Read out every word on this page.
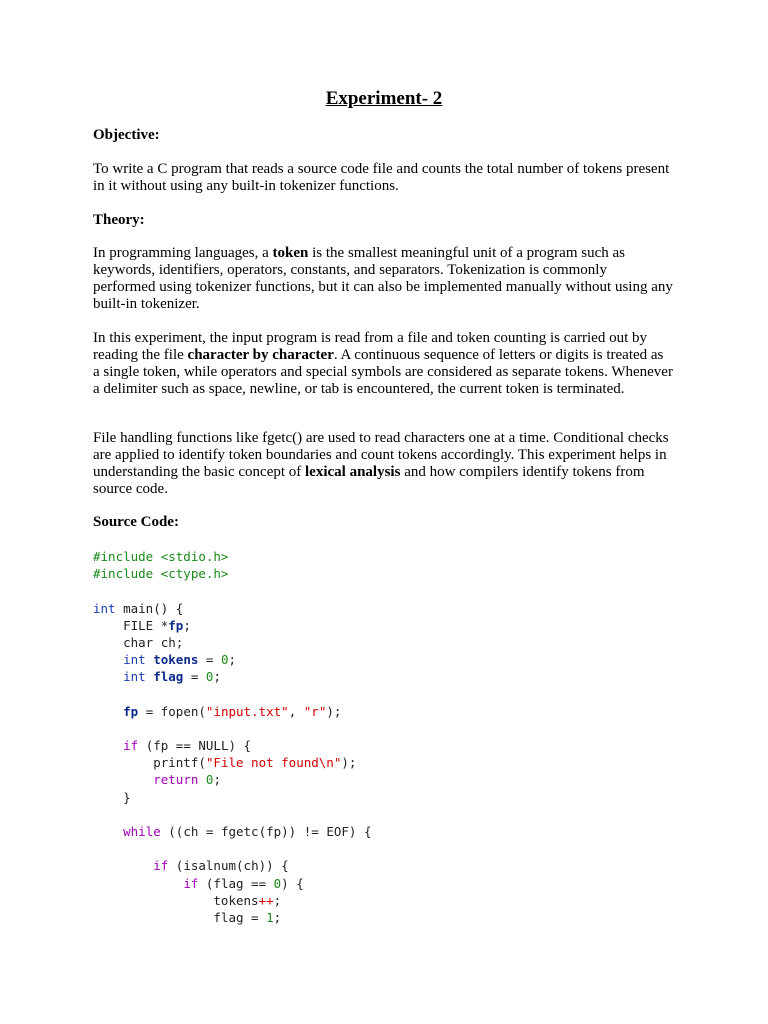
Experiment- 2
Objective:
To write a C program that reads a source code file and counts the total number of tokens present in it without using any built-in tokenizer functions.
Theory:
In programming languages, a token is the smallest meaningful unit of a program such as keywords, identifiers, operators, constants, and separators. Tokenization is commonly performed using tokenizer functions, but it can also be implemented manually without using any built-in tokenizer.
In this experiment, the input program is read from a file and token counting is carried out by reading the file character by character. A continuous sequence of letters or digits is treated as a single token, while operators and special symbols are considered as separate tokens. Whenever a delimiter such as space, newline, or tab is encountered, the current token is terminated.
File handling functions like fgetc() are used to read characters one at a time. Conditional checks are applied to identify token boundaries and count tokens accordingly. This experiment helps in understanding the basic concept of lexical analysis and how compilers identify tokens from source code.
Source Code:
#include <stdio.h>
#include <ctype.h>

int main() {
FILE *fp;
char ch;
int tokens = 0;
int flag = 0;

fp = fopen("input.txt", "r");

if (fp == NULL) {
printf("File not found\n");
return 0;
}

while ((ch = fgetc(fp)) != EOF) {

if (isalnum(ch)) {
if (flag == 0) {
tokens++;
flag = 1;
